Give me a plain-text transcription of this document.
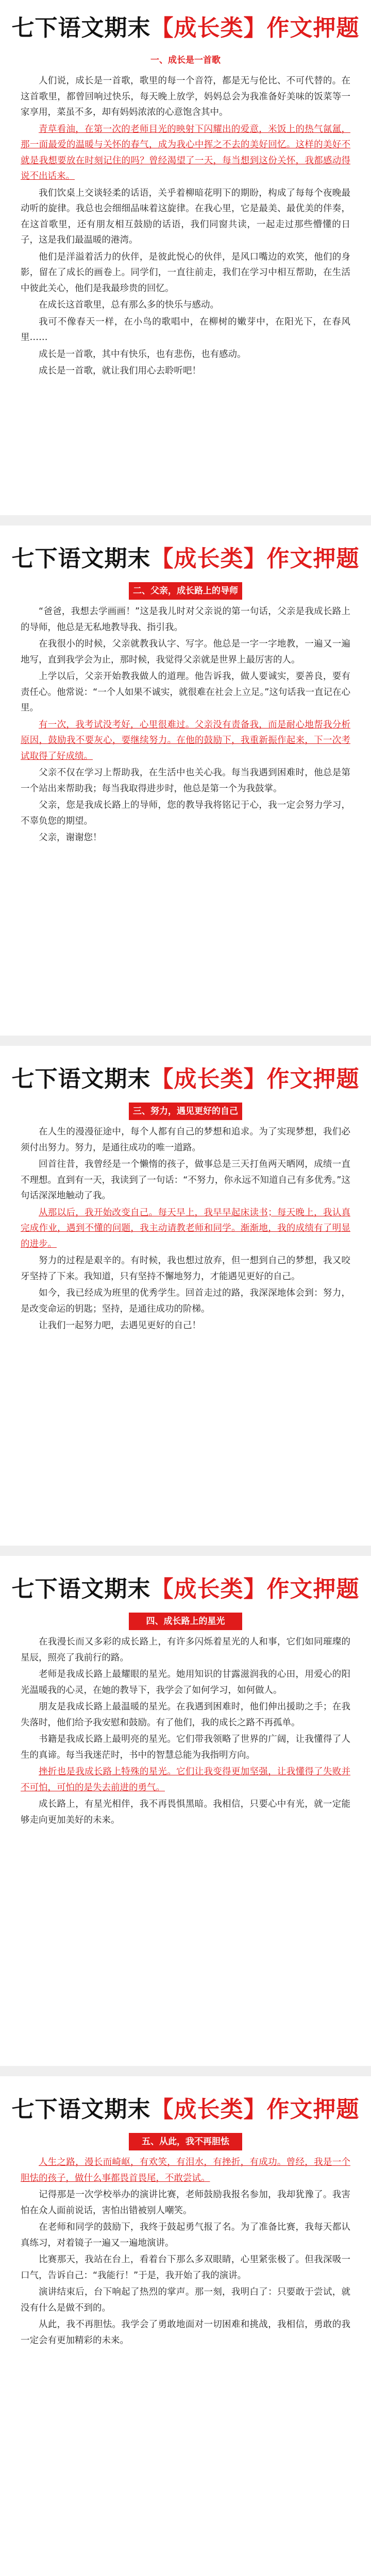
七下语文期末 【成长类】 作文押题
一、成长是一首歌

人们说，成长是一首歌，歌里的每一个音符，都是无与伦比、不可代替的。在这首歌里，都曾回响过快乐，每天晚上放学，妈妈总会为我准备好美味的饭菜等一家享用，菜虽不多，却有妈妈浓浓的心意饱含其中。

青草看油，在第一次的老师目光的映射下闪耀出的爱意，米饭上的热气氤氲，那一面最爱的温暖与关怀的春气，成为我心中挥之不去的美好回忆。这样的美好不就是我想要放在时刻记住的吗？曾经渴望了一天，每当想到这份关怀，我都感动得说不出话来。

我们饮桌上交谈轻柔的话语，关乎着柳暗花明下的期盼，构成了每每个夜晚最动听的旋律。我总也会细细品味着这旋律。在我心里，它是最美、最优美的伴奏，在这首歌里，还有朋友相互鼓励的话语，我们同窗共读，一起走过那些懵懂的日子，这是我们最温暖的港湾。

他们是洋溢着活力的伙伴，是彼此悦心的伙伴，是风口嘴边的欢笑，他们的身影，留在了成长的画卷上。同学们，一直往前走，我们在学习中相互帮助，在生活中彼此关心，他们是我最珍贵的回忆。

在成长这首歌里，总有那么多的快乐与感动。

我可不像春天一样，在小鸟的歌唱中，在柳树的嫩芽中，在阳光下，在春风里……

成长是一首歌，其中有快乐，也有悲伤，也有感动。

成长是一首歌，就让我们用心去聆听吧！

七下语文期末 【成长类】 作文押题
二、父亲，成长路上的导师

“爸爸，我想去学画画！”这是我儿时对父亲说的第一句话，父亲是我成长路上的导师，他总是无私地教导我、指引我。

在我很小的时候，父亲就教我认字、写字。他总是一字一字地教，一遍又一遍地写，直到我学会为止，那时候，我觉得父亲就是世界上最厉害的人。

上学以后，父亲开始教我做人的道理。他告诉我，做人要诚实，要善良，要有责任心。他常说：“一个人如果不诚实，就很难在社会上立足。”这句话我一直记在心里。

有一次，我考试没考好，心里很难过。父亲没有责备我，而是耐心地帮我分析原因，鼓励我不要灰心，要继续努力。在他的鼓励下，我重新振作起来，下一次考试取得了好成绩。

父亲不仅在学习上帮助我，在生活中也关心我。每当我遇到困难时，他总是第一个站出来帮助我；每当我取得进步时，他总是第一个为我鼓掌。

父亲，您是我成长路上的导师，您的教导我将铭记于心，我一定会努力学习，不辜负您的期望。

父亲，谢谢您！

七下语文期末 【成长类】 作文押题
三、努力，遇见更好的自己

在人生的漫漫征途中，每个人都有自己的梦想和追求。为了实现梦想，我们必须付出努力。努力，是通往成功的唯一道路。

回首往昔，我曾经是一个懒惰的孩子，做事总是三天打鱼两天晒网，成绩一直不理想。直到有一天，我读到了一句话：“不努力，你永远不知道自己有多优秀。”这句话深深地触动了我。

从那以后，我开始改变自己。每天早上，我早早起床读书；每天晚上，我认真完成作业，遇到不懂的问题，我主动请教老师和同学。渐渐地，我的成绩有了明显的进步。

努力的过程是艰辛的。有时候，我也想过放弃，但一想到自己的梦想，我又咬牙坚持了下来。我知道，只有坚持不懈地努力，才能遇见更好的自己。

如今，我已经成为班里的优秀学生。回首走过的路，我深深地体会到：努力，是改变命运的钥匙；坚持，是通往成功的阶梯。

让我们一起努力吧，去遇见更好的自己！

七下语文期末 【成长类】 作文押题
四、成长路上的星光

在我漫长而又多彩的成长路上，有许多闪烁着星光的人和事，它们如同璀璨的星辰，照亮了我前行的路。

老师是我成长路上最耀眼的星光。她用知识的甘露滋润我的心田，用爱心的阳光温暖我的心灵，在她的教导下，我学会了如何学习，如何做人。

朋友是我成长路上最温暖的星光。在我遇到困难时，他们伸出援助之手；在我失落时，他们给予我安慰和鼓励。有了他们，我的成长之路不再孤单。

书籍是我成长路上最明亮的星光。它们带我领略了世界的广阔，让我懂得了人生的真谛。每当我迷茫时，书中的智慧总能为我指明方向。

挫折也是我成长路上特殊的星光。它们让我变得更加坚强，让我懂得了失败并不可怕，可怕的是失去前进的勇气。

成长路上，有星光相伴，我不再畏惧黑暗。我相信，只要心中有光，就一定能够走向更加美好的未来。

七下语文期末 【成长类】 作文押题
五、从此，我不再胆怯

人生之路，漫长而崎岖，有欢笑，有泪水，有挫折，有成功。曾经，我是一个胆怯的孩子，做什么事都畏首畏尾，不敢尝试。

记得那是一次学校举办的演讲比赛，老师鼓励我报名参加，我却犹豫了。我害怕在众人面前说话，害怕出错被别人嘲笑。

在老师和同学的鼓励下，我终于鼓起勇气报了名。为了准备比赛，我每天都认真练习，对着镜子一遍又一遍地演讲。

比赛那天，我站在台上，看着台下那么多双眼睛，心里紧张极了。但我深吸一口气，告诉自己：“我能行！”于是，我开始了我的演讲。

演讲结束后，台下响起了热烈的掌声。那一刻，我明白了：只要敢于尝试，就没有什么是做不到的。

从此，我不再胆怯。我学会了勇敢地面对一切困难和挑战，我相信，勇敢的我一定会有更加精彩的未来。
